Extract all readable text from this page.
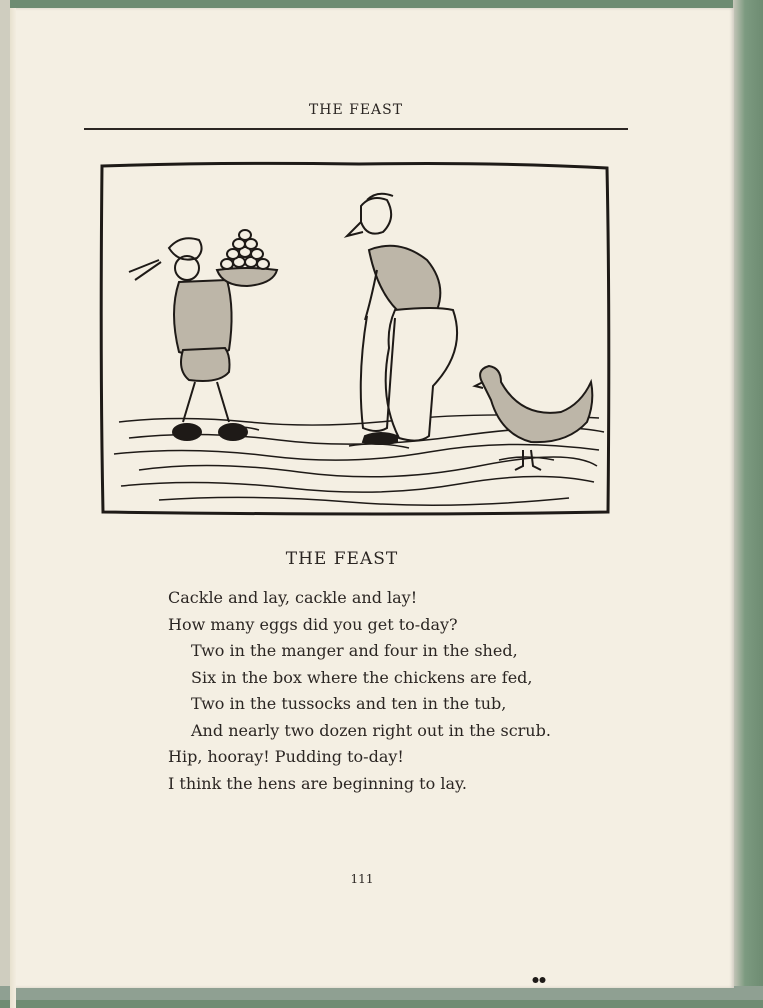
THE FEAST
THE FEAST
Cackle and lay, cackle and lay!
How many eggs did you get to-day?
Two in the manger and four in the shed,
Six in the box where the chickens are fed,
Two in the tussocks and ten in the tub,
And nearly two dozen right out in the scrub.
Hip, hooray! Pudding to-day!
I think the hens are beginning to lay.
111
